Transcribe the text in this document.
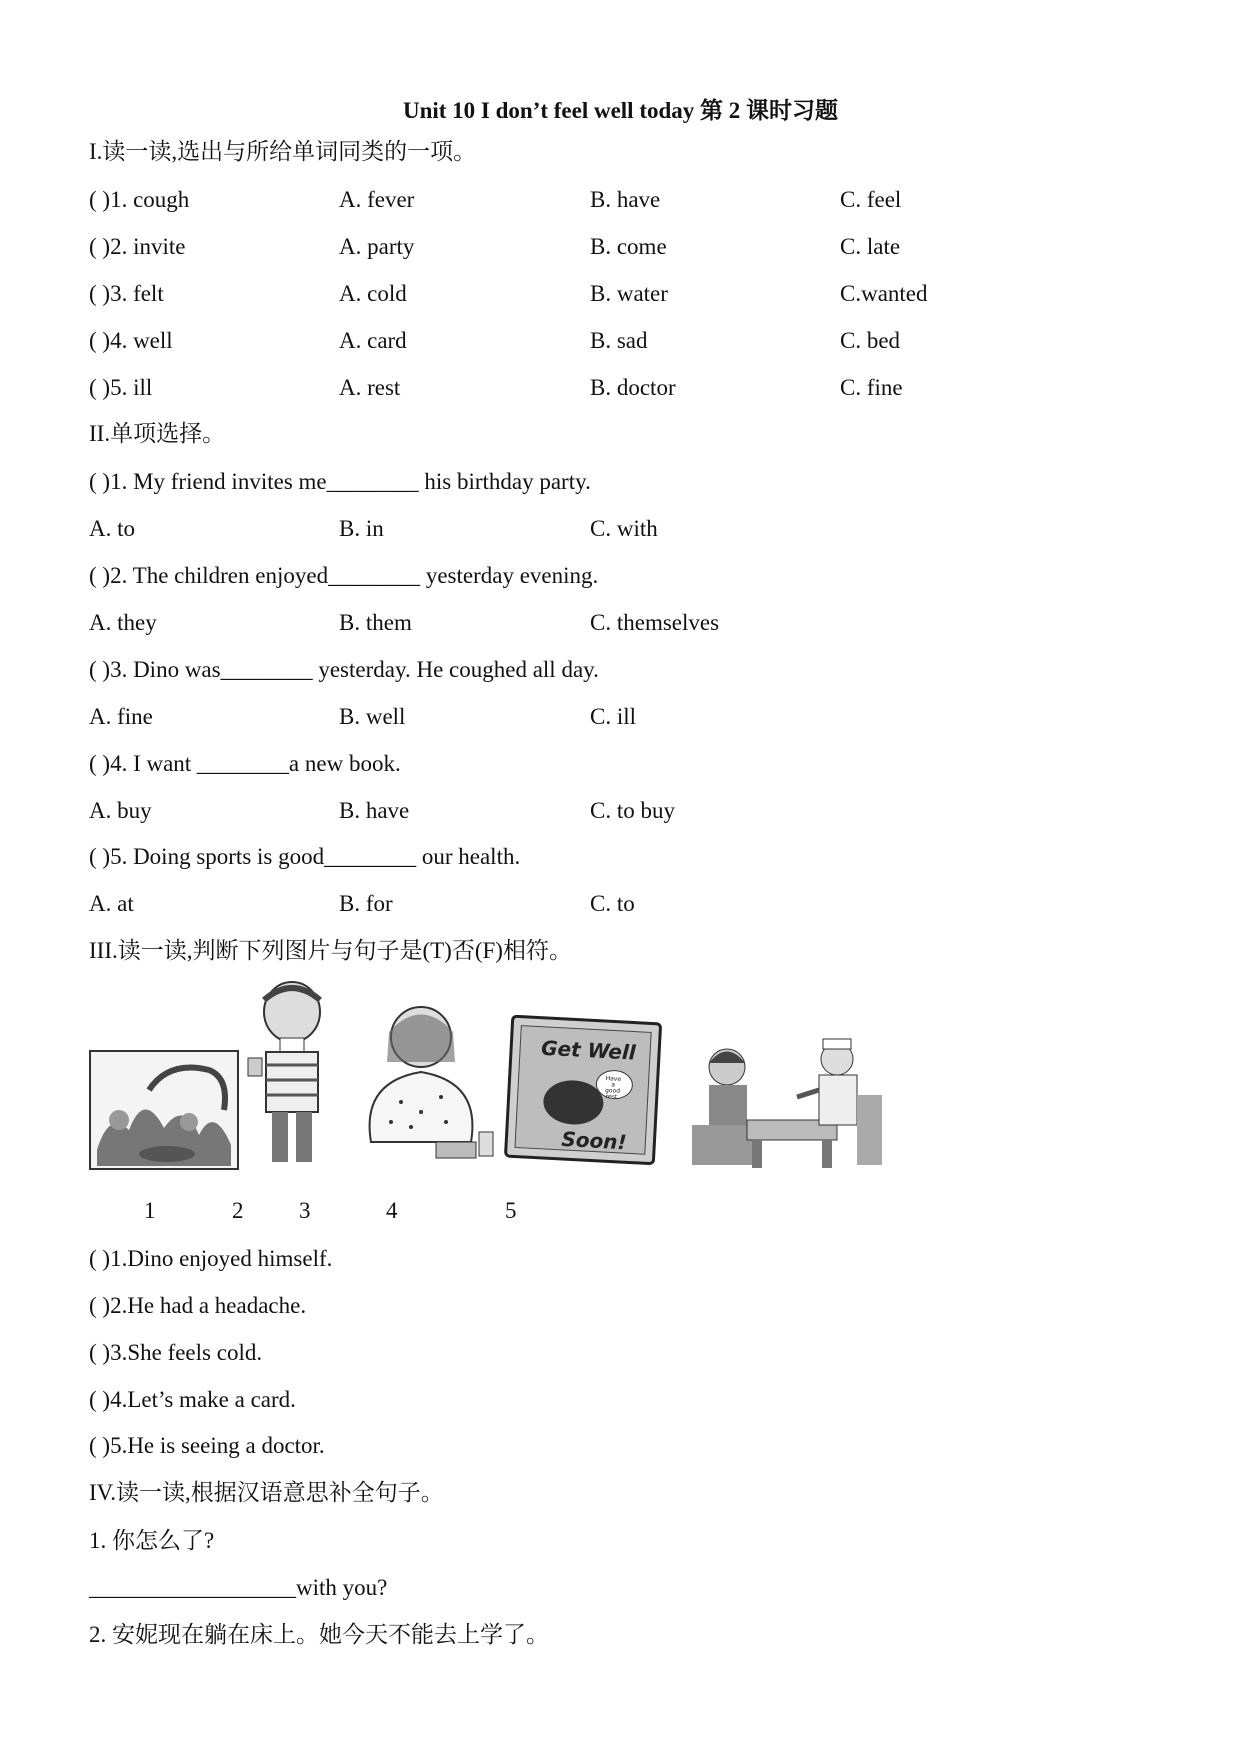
Unit 10 I don’t feel well today 第 2 课时习题
I.读一读,选出与所给单词同类的一项。
( )1. cough	A. fever	B. have	C. feel
( )2. invite	A. party	B. come	C. late
( )3. felt	A. cold	B. water	C.wanted
( )4. well	A. card	B. sad	C. bed
( )5. ill	A. rest	B. doctor	C. fine
II.单项选择。
( )1. My friend invites me________ his birthday party.
A. to	B. in	C. with
( )2. The children enjoyed________ yesterday evening.
A. they	B. them	C. themselves
( )3. Dino was________ yesterday. He coughed all day.
A. fine	B. well	C. ill
( )4. I want ________a new book.
A. buy	B. have	C. to buy
( )5. Doing sports is good________ our health.
A. at	B. for	C. to
III.读一读,判断下列图片与句子是(T)否(F)相符。
Get Well
Have
a
good
rest.
Soon!
1	2 3	4	5
( )1.Dino enjoyed himself.
( )2.He had a headache.
( )3.She feels cold.
( )4.Let’s make a card.
( )5.He is seeing a doctor.
IV.读一读,根据汉语意思补全句子。
1. 你怎么了?
__________________with you?
2. 安妮现在躺在床上。她今天不能去上学了。
